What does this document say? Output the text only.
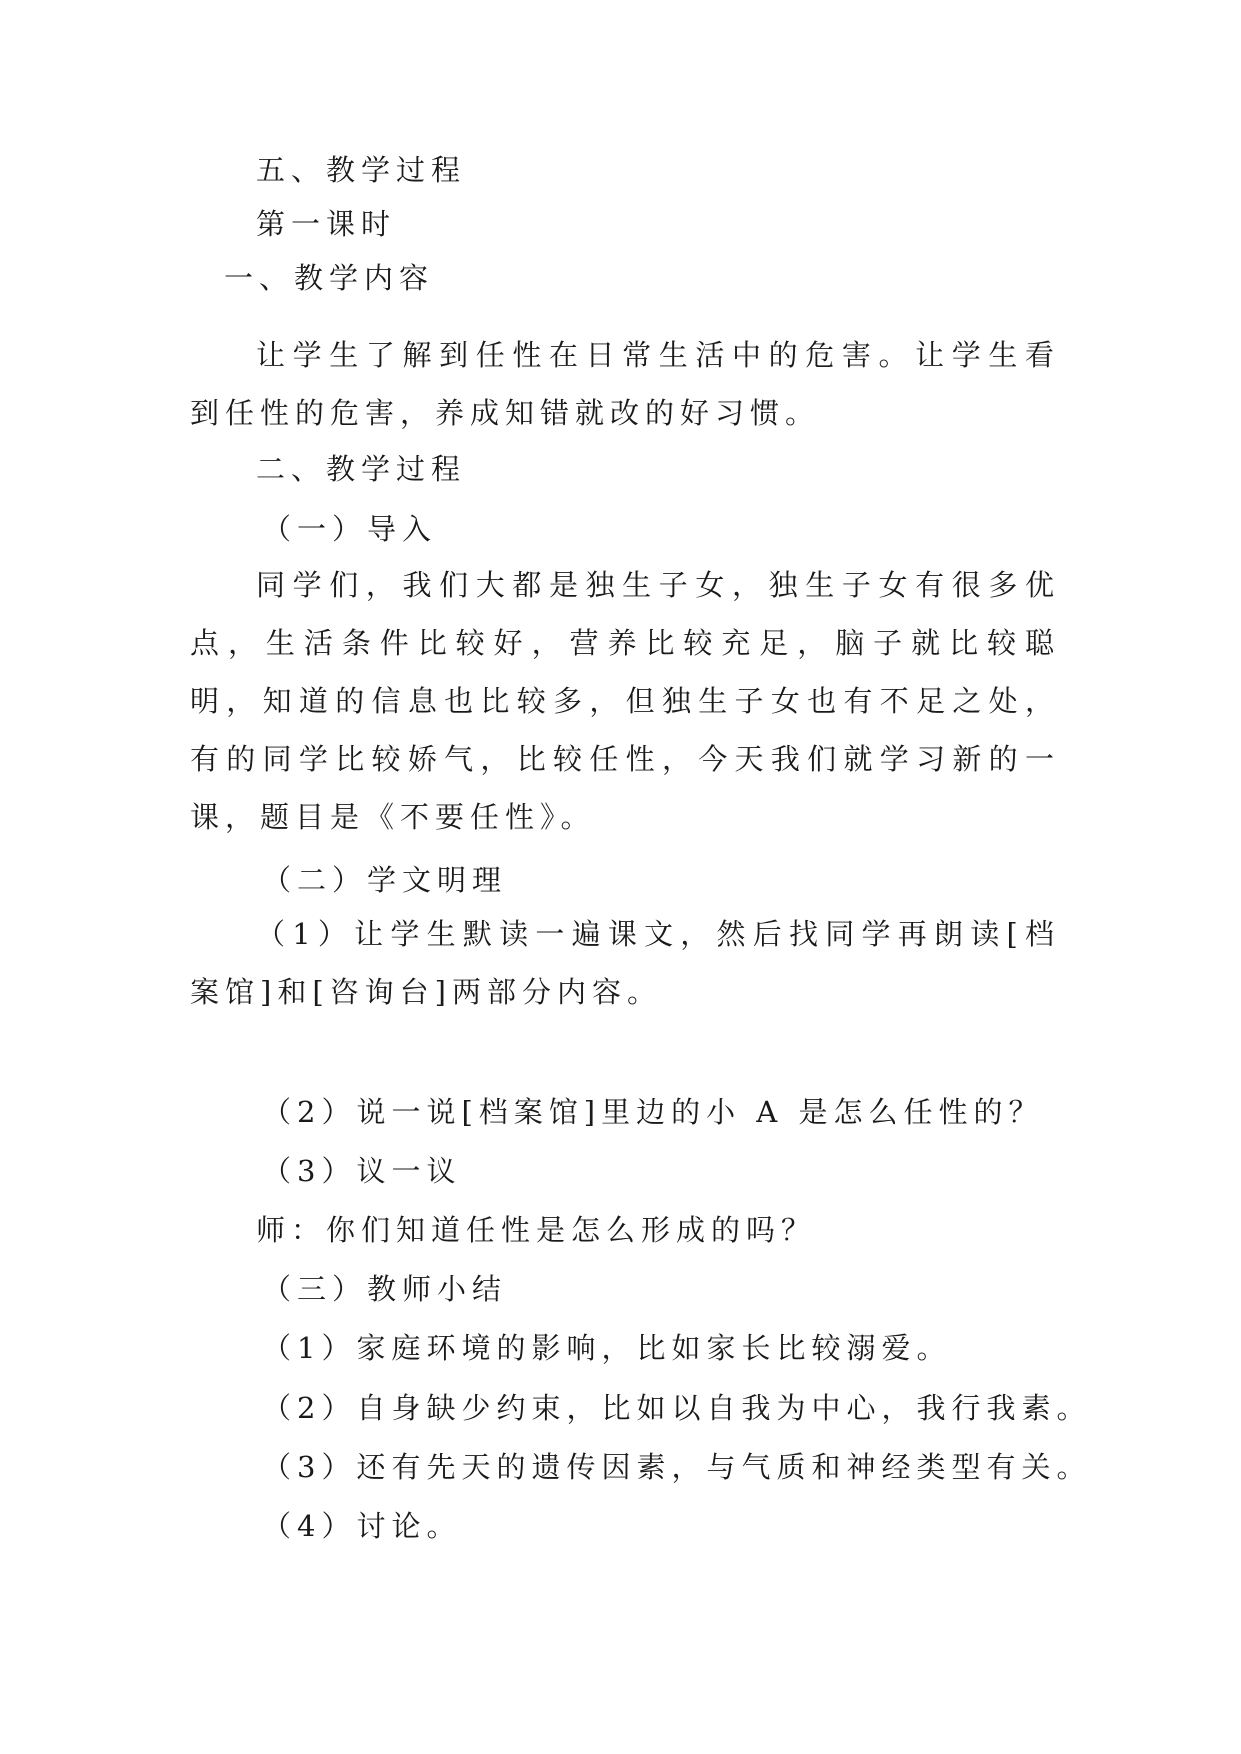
五、教学过程
第一课时
一、教学内容
让学生了解到任性在日常生活中的危害。让学生看到任性的危害，养成知错就改的好习惯。
二、教学过程
（一）导入
同学们，我们大都是独生子女，独生子女有很多优点，生活条件比较好，营养比较充足，脑子就比较聪明，知道的信息也比较多，但独生子女也有不足之处，有的同学比较娇气，比较任性，今天我们就学习新的一课，题目是《不要任性》。
（二）学文明理
（1）让学生默读一遍课文，然后找同学再朗读[档案馆]和[咨询台]两部分内容。
（2）说一说[档案馆]里边的小 A 是怎么任性的？
（3）议一议
师：你们知道任性是怎么形成的吗？
（三）教师小结
（1）家庭环境的影响，比如家长比较溺爱。
（2）自身缺少约束，比如以自我为中心，我行我素。
（3）还有先天的遗传因素，与气质和神经类型有关。
（4）讨论。
